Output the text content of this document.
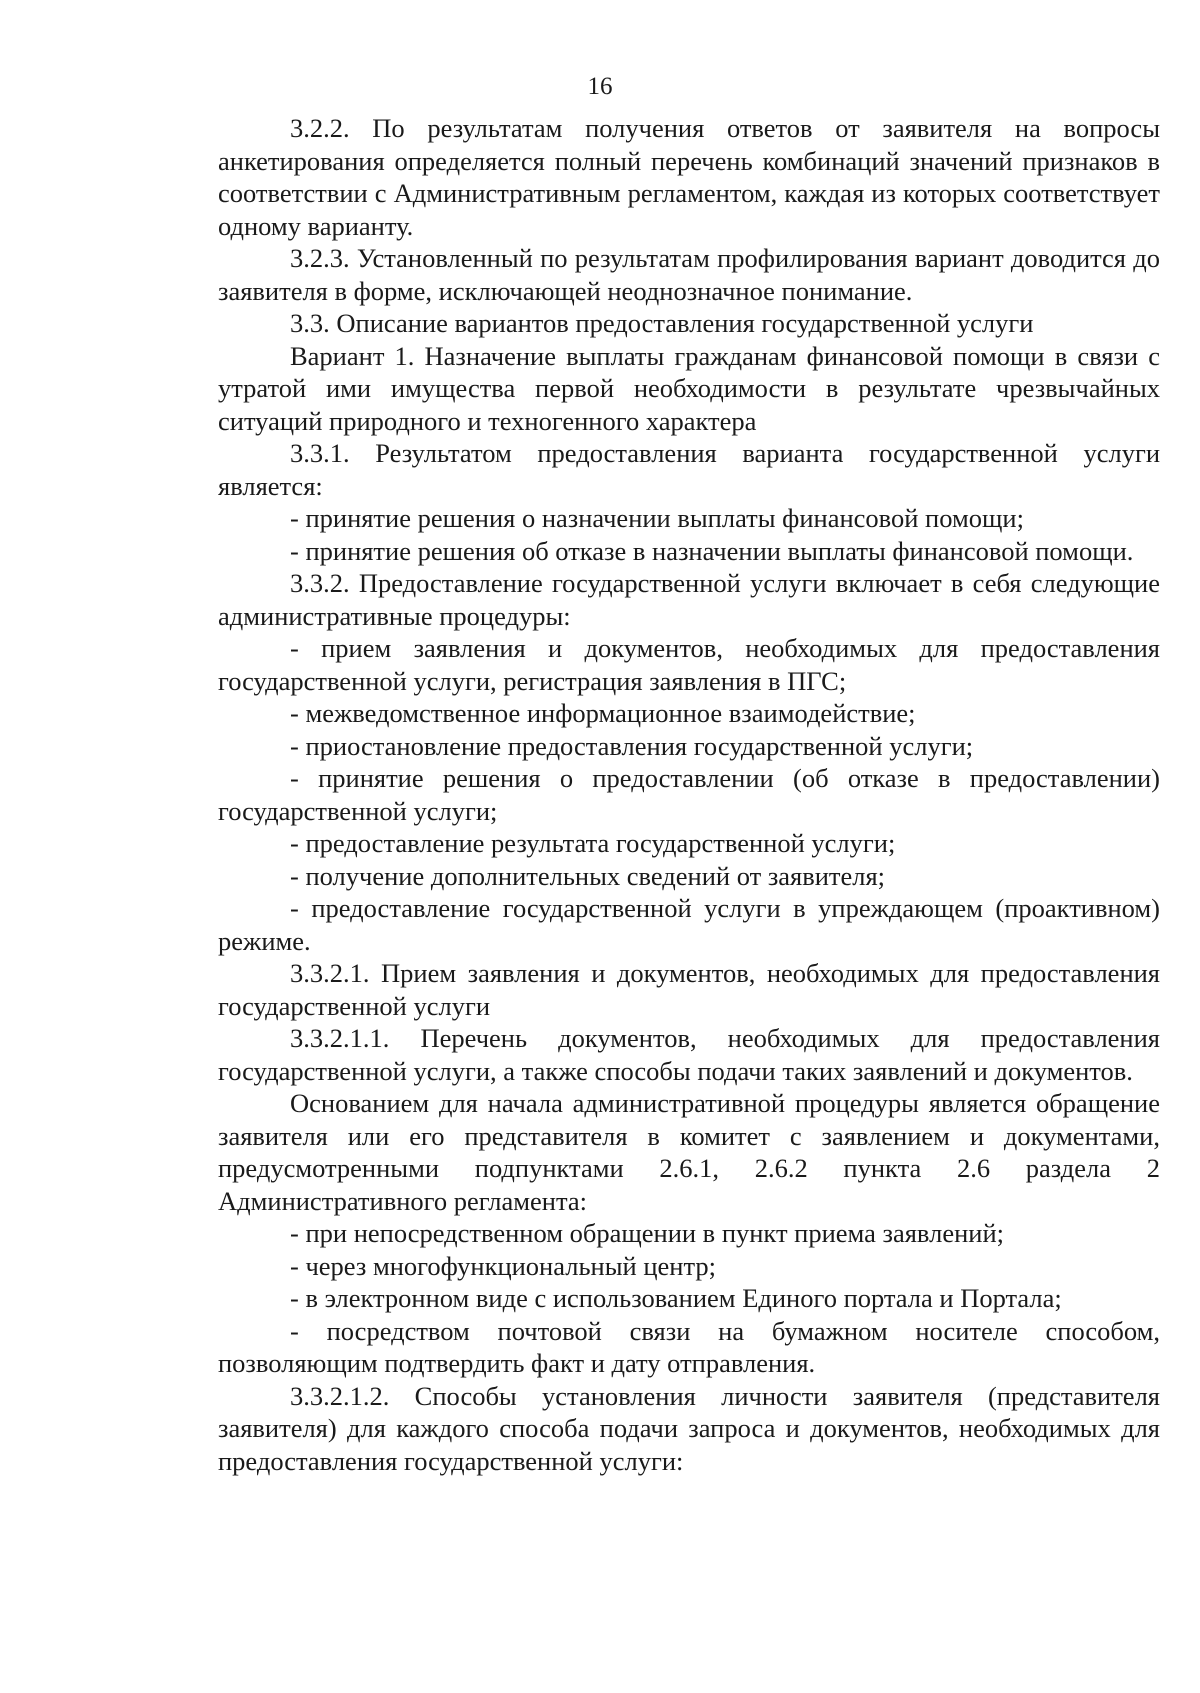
16

3.2.2. По результатам получения ответов от заявителя на вопросы анкетирования определяется полный перечень комбинаций значений признаков в соответствии с Административным регламентом, каждая из которых соответствует одному варианту.

3.2.3. Установленный по результатам профилирования вариант доводится до заявителя в форме, исключающей неоднозначное понимание.

3.3. Описание вариантов предоставления государственной услуги

Вариант 1. Назначение выплаты гражданам финансовой помощи в связи с утратой ими имущества первой необходимости в результате чрезвычайных ситуаций природного и техногенного характера

3.3.1. Результатом предоставления варианта государственной услуги является:

- принятие решения о назначении выплаты финансовой помощи;

- принятие решения об отказе в назначении выплаты финансовой помощи.

3.3.2. Предоставление государственной услуги включает в себя следующие административные процедуры:

- прием заявления и документов, необходимых для предоставления государственной услуги, регистрация заявления в ПГС;

- межведомственное информационное взаимодействие;

- приостановление предоставления государственной услуги;

- принятие решения о предоставлении (об отказе в предоставлении) государственной услуги;

- предоставление результата государственной услуги;

- получение дополнительных сведений от заявителя;

- предоставление государственной услуги в упреждающем (проактивном) режиме.

3.3.2.1. Прием заявления и документов, необходимых для предоставления государственной услуги

3.3.2.1.1. Перечень документов, необходимых для предоставления государственной услуги, а также способы подачи таких заявлений и документов.

Основанием для начала административной процедуры является обращение заявителя или его представителя в комитет с заявлением и документами, предусмотренными подпунктами 2.6.1, 2.6.2 пункта 2.6 раздела 2 Административного регламента:

- при непосредственном обращении в пункт приема заявлений;

- через многофункциональный центр;

- в электронном виде с использованием Единого портала и Портала;

- посредством почтовой связи на бумажном носителе способом, позволяющим подтвердить факт и дату отправления.

3.3.2.1.2. Способы установления личности заявителя (представителя заявителя) для каждого способа подачи запроса и документов, необходимых для предоставления государственной услуги:
